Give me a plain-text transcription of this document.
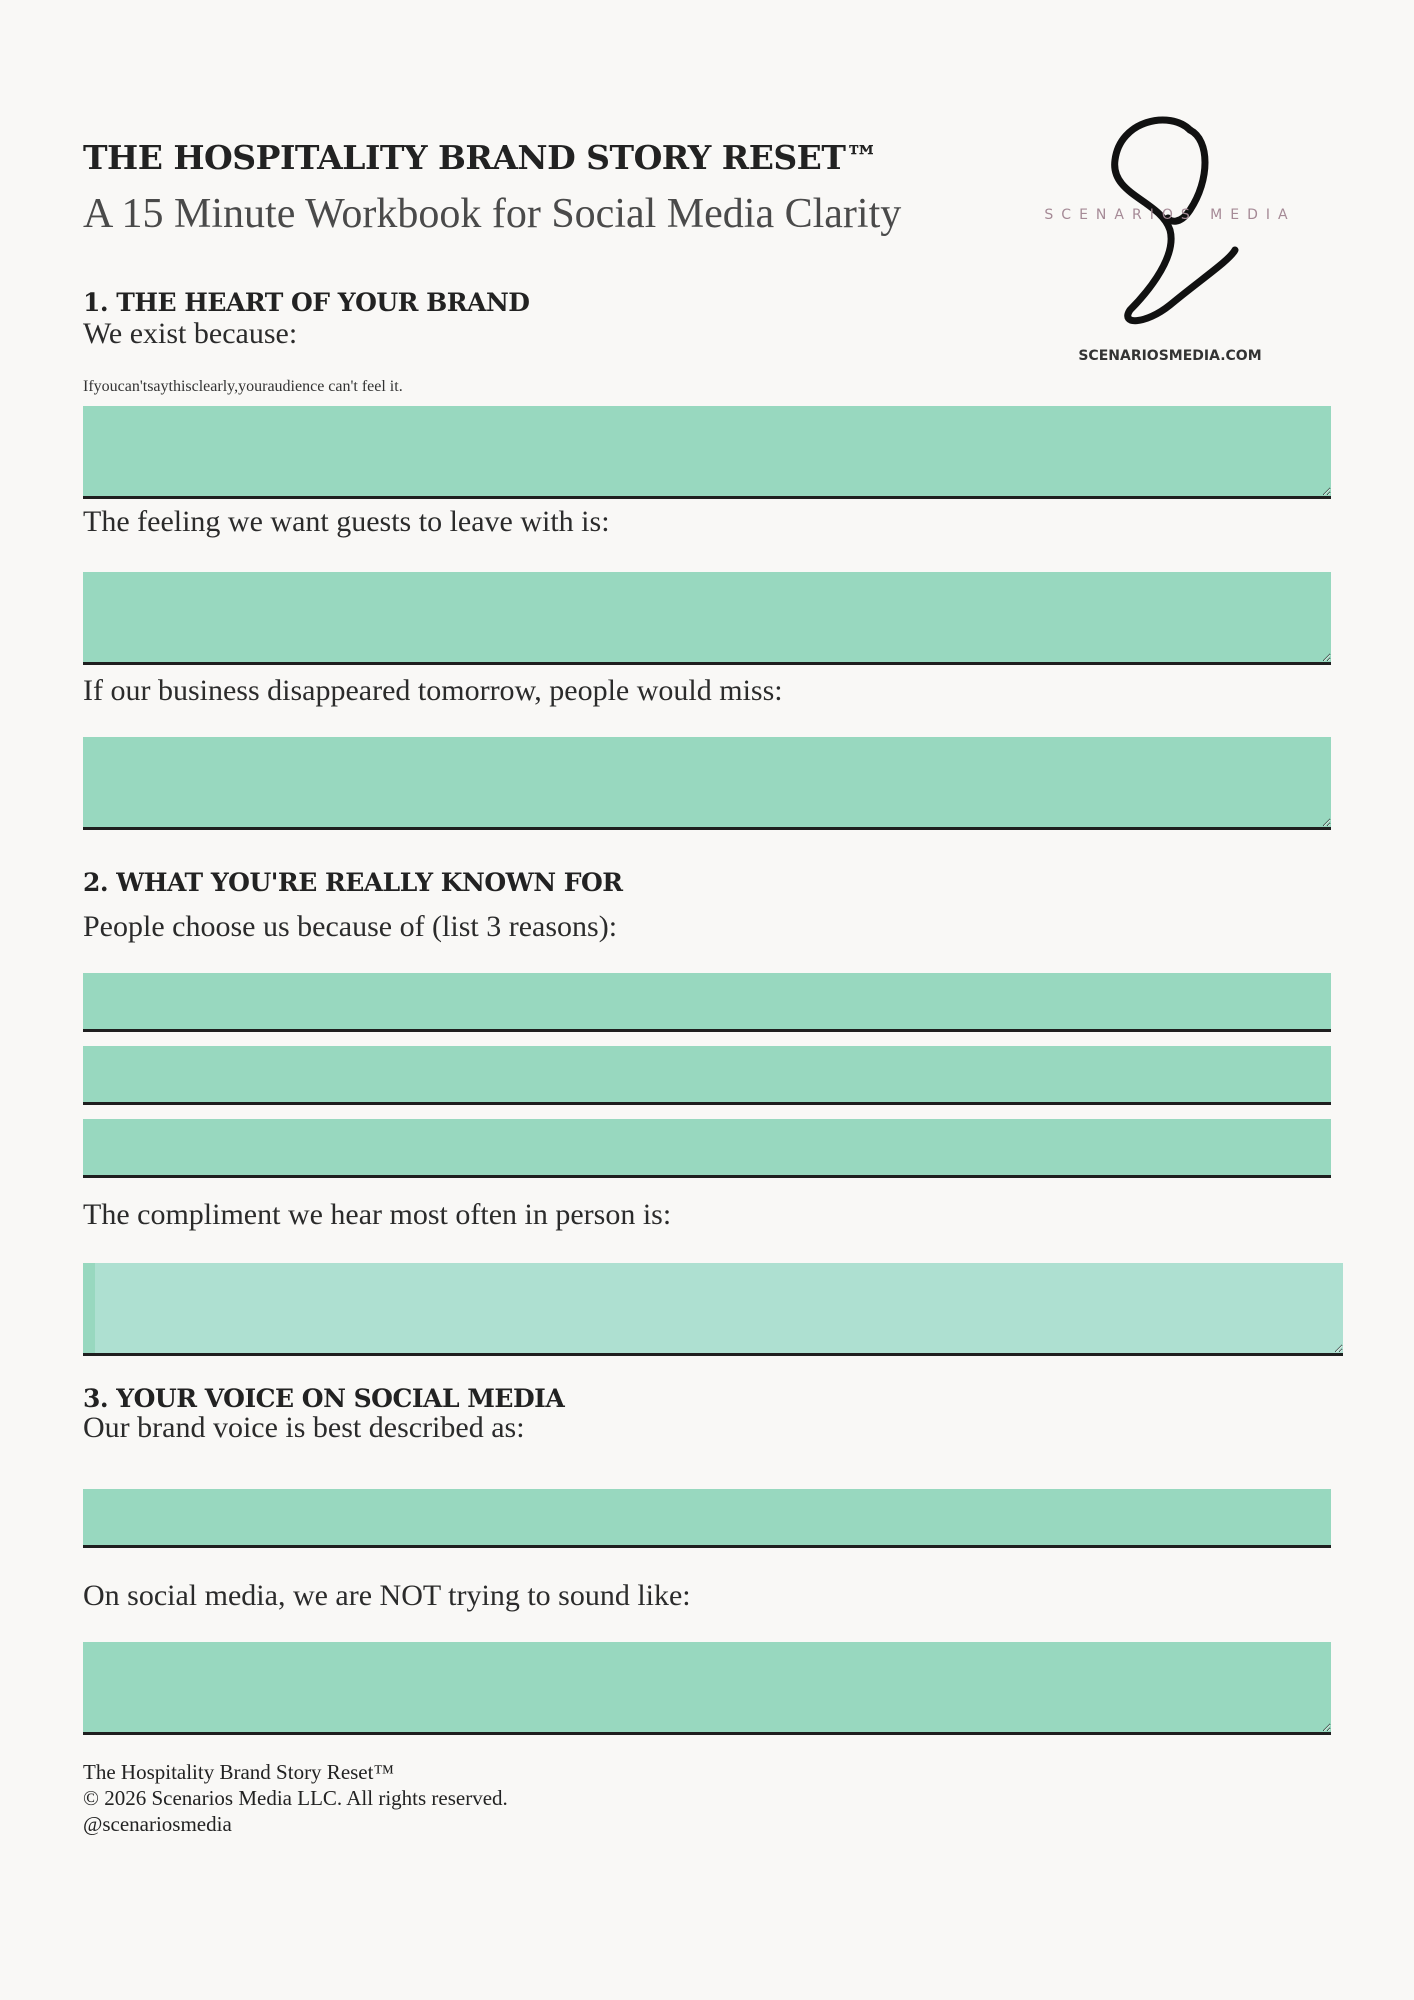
THE HOSPITALITY BRAND STORY RESET™
A 15 Minute Workbook for Social Media Clarity	SCENARIOS MEDIA
SCENARIOSMEDIA.COM
1. THE HEART OF YOUR BRAND
We exist because:
Ifyoucan'tsaythisclearly,youraudience can't feel it.
The feeling we want guests to leave with is:
If our business disappeared tomorrow, people would miss:
2. WHAT YOU'RE REALLY KNOWN FOR
People choose us because of (list 3 reasons):
The compliment we hear most often in person is:
3. YOUR VOICE ON SOCIAL MEDIA
Our brand voice is best described as:
On social media, we are NOT trying to sound like:
The Hospitality Brand Story Reset™
© 2026 Scenarios Media LLC. All rights reserved.
@scenariosmedia
